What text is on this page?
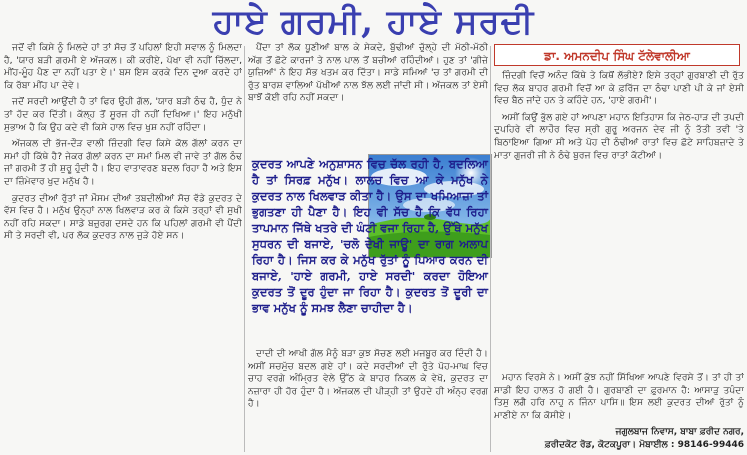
ਹਾਏ ਗਰਮੀ, ਹਾਏ ਸਰਦੀ
ਡਾ. ਅਮਨਦੀਪ ਸਿੰਘ ਟੱਲੇਵਾਲੀਆ

ਜਦੋਂ ਵੀ ਕਿਸੇ ਨੂੰ ਮਿਲਦੇ ਹਾਂ ਤਾਂ ਸੋਚ ਤੋਂ ਪਹਿਲਾਂ ਇਹੀ ਸਵਾਲ ਨੂੰ ਮਿਲਦਾ ਹੈ, 'ਯਾਰ ਬੜੀ ਗਰਮੀ ਏ ਅੱਜਕਲ। ਕੀ ਕਰੀਏ, ਪੱਖਾ ਵੀ ਨਹੀਂ ਚਿੱਲਦਾ, ਮੀਂਹ-ਮੂੰਹ ਪੈਣ ਦਾ ਨਹੀਂ ਪਤਾ ਏ।' ਬਸ ਇਸ ਕਰਕੇ ਦਿਨ ਦੁਆ ਕਰਦੇ ਹਾਂ ਕਿ ਰੱਬਾ ਮੀਂਹ ਪਾ ਦੇਵੇ।

ਜਦੋਂ ਸਰਦੀ ਆਉਂਦੀ ਹੈ ਤਾਂ ਫਿਰ ਉਹੀ ਗੱਲ, 'ਯਾਰ ਬੜੀ ਠੰਢ ਹੈ, ਧੁੰਦ ਨੇ ਤਾਂ ਹੱਦ ਕਰ ਦਿੱਤੀ। ਕੱਲ੍ਹ ਤੋਂ ਸੂਰਜ ਹੀ ਨਹੀਂ ਦਿਖਿਆ।' ਇਹ ਮਨੁੱਖੀ ਸੁਭਾਅ ਹੈ ਕਿ ਉਹ ਕਦੇ ਵੀ ਕਿਸੇ ਹਾਲ ਵਿਚ ਖੁਸ਼ ਨਹੀਂ ਰਹਿੰਦਾ।

ਅੱਜਕਲ ਦੀ ਭੱਜ-ਦੌੜ ਵਾਲੀ ਜ਼ਿੰਦਗੀ ਵਿਚ ਕਿਸੇ ਕੋਲ ਗੱਲਾਂ ਕਰਨ ਦਾ ਸਮਾਂ ਹੀ ਕਿੱਥੇ ਹੈ? ਜੇਕਰ ਗੱਲਾਂ ਕਰਨ ਦਾ ਸਮਾਂ ਮਿਲ ਵੀ ਜਾਵੇ ਤਾਂ ਗੱਲ ਠੰਢ ਜਾਂ ਗਰਮੀ ਤੋਂ ਹੀ ਸ਼ੁਰੂ ਹੁੰਦੀ ਹੈ। ਇਹ ਵਾਤਾਵਰਣ ਬਦਲ ਰਿਹਾ ਹੈ ਅਤੇ ਇਸ ਦਾ ਜ਼ਿੰਮੇਵਾਰ ਖੁਦ ਮਨੁੱਖ ਹੈ।

ਕੁਦਰਤ ਦੀਆਂ ਰੁੱਤਾਂ ਜਾਂ ਮੌਸਮ ਦੀਆਂ ਤਬਦੀਲੀਆਂ ਸੋਚ ਵੱਡੇ ਕੁਦਰਤ ਦੇ ਵੱਸ ਵਿਚ ਹੈ। ਮਨੁੱਖ ਉਨ੍ਹਾਂ ਨਾਲ ਖਿਲਵਾੜ ਕਰ ਕੇ ਕਿਸੇ ਤਰ੍ਹਾਂ ਵੀ ਸੁਖੀ ਨਹੀਂ ਰਹਿ ਸਕਦਾ। ਸਾਡੇ ਬਜ਼ੁਰਗ ਦਸਦੇ ਹਨ ਕਿ ਪਹਿਲਾਂ ਗਰਮੀ ਵੀ ਪੈਂਦੀ ਸੀ ਤੇ ਸਰਦੀ ਵੀ, ਪਰ ਲੋਕ ਕੁਦਰਤ ਨਾਲ ਜੁੜੇ ਹੋਏ ਸਨ।

ਪੈਂਦਾ ਤਾਂ ਲੋਕ ਧੂਣੀਆਂ ਬਾਲ ਕੇ ਸੇਕਦੇ, ਬੁੱਢੀਆਂ ਚੁੱਲ੍ਹੇ ਦੀ ਮੱਠੀ-ਮੱਠੀ ਅੱਗ ਤੋਂ ਛੋਟੇ ਕਾਰਜਾਂ ਤੇ ਨਾਲ ਪਾਲ ਤੋਂ ਬਚੀਆਂ ਰਹਿੰਦੀਆਂ। ਹੁਣ ਤਾਂ 'ਗੀਜ਼ੇ ਯੁਜ਼ਿਆਂ' ਨੇ ਇਹ ਸੱਭ ਖਤਮ ਕਰ ਦਿੱਤਾ। ਸਾਡੇ ਸਮਿਆਂ 'ਚ ਤਾਂ ਗਰਮੀ ਦੀ ਰੁੱਤ ਬਾਰਸ਼ ਵਾਲਿਆਂ ਪੱਖੀਆਂ ਨਾਲ ਝੱਲ ਲਈ ਜਾਂਦੀ ਸੀ। ਅੱਜਕਲ ਤਾਂ ਏਸੀ ਬਾਝੋਂ ਕੋਈ ਰਹਿ ਨਹੀਂ ਸਕਦਾ।

ਕੁਦਰਤ ਆਪਣੇ ਅਨੁਸ਼ਾਸਨ ਵਿਚ ਚੱਲ ਰਹੀ ਹੈ, ਬਦਲਿਆ ਹੈ ਤਾਂ ਸਿਰਫ਼ ਮਨੁੱਖ। ਲਾਲਚ ਵਿਚ ਆ ਕੇ ਮਨੁੱਖ ਨੇ ਕੁਦਰਤ ਨਾਲ ਖਿਲਵਾੜ ਕੀਤਾ ਹੈ। ਉਸ ਦਾ ਖਮਿਆਜ਼ਾ ਤਾਂ ਭੁਗਤਣਾ ਹੀ ਪੈਣਾ ਹੈ। ਇਹ ਵੀ ਸੱਚ ਹੈ ਕਿ ਵੱਧ ਰਿਹਾ ਤਾਪਮਾਨ ਜਿੱਥੇ ਖਤਰੇ ਦੀ ਘੰਟੀ ਵਜਾ ਰਿਹਾ ਹੈ, ਉੱਥੇ ਮਨੁੱਖ ਸੁਧਰਨ ਦੀ ਬਜਾਏ, 'ਚਲੋ ਦੇਖੀ ਜਾਊ' ਦਾ ਰਾਗ ਅਲਾਪ ਰਿਹਾ ਹੈ। ਜਿਸ ਕਰ ਕੇ ਮਨੁੱਖ ਰੁੱਤਾਂ ਨੂੰ ਪਿਆਰ ਕਰਨ ਦੀ ਬਜਾਏ, 'ਹਾਏ ਗਰਮੀ, ਹਾਏ ਸਰਦੀ' ਕਰਦਾ ਹੋਇਆ ਕੁਦਰਤ ਤੋਂ ਦੂਰ ਹੁੰਦਾ ਜਾ ਰਿਹਾ ਹੈ। ਕੁਦਰਤ ਤੋਂ ਦੂਰੀ ਦਾ ਭਾਵ ਮਨੁੱਖ ਨੂੰ ਸਮਝ ਲੈਣਾ ਚਾਹੀਦਾ ਹੈ।

ਦਾਦੀ ਦੀ ਆਖੀ ਗੱਲ ਮੈਨੂੰ ਬੜਾ ਕੁਝ ਸੋਚਣ ਲਈ ਮਜਬੂਰ ਕਰ ਦਿੰਦੀ ਹੈ। ਅਸੀਂ ਸਚਮੁੱਚ ਬਦਲ ਗਏ ਹਾਂ। ਕਦੇ ਸਰਦੀਆਂ ਦੀ ਰੁੱਤੇ ਪੋਹ-ਮਾਘ ਵਿਚ ਚਾਹ ਵਰਗੇ ਅੰਮ੍ਰਿਤ ਵੇਲੇ ਉੱਠ ਕੇ ਬਾਹਰ ਨਿਕਲ ਕੇ ਵੇਖੋ, ਕੁਦਰਤ ਦਾ ਨਜ਼ਾਰਾ ਹੀ ਹੋਰ ਹੁੰਦਾ ਹੈ। ਅੱਜਕਲ ਦੀ ਪੀੜ੍ਹੀ ਤਾਂ ਉਹਦੇ ਹੀ ਅੰਨ੍ਹ ਵਰਗ ਹੈ।

ਜ਼ਿੰਦਗੀ ਵਿਚੋਂ ਅਨੰਦ ਕਿੱਥੇ ਤੇ ਕਿਥੋਂ ਲੱਭੀਏ? ਇਸੇ ਤਰ੍ਹਾਂ ਗੁਰਬਾਣੀ ਦੀ ਰੁੱਤ ਵਿਚ ਲੋਕ ਬਾਹਰ ਗਰਮੀ ਵਿਚੋਂ ਆ ਕੇ ਫ਼ਰਿੱਜ ਦਾ ਠੰਢਾ ਪਾਣੀ ਪੀ ਕੇ ਜਾਂ ਏਸੀ ਵਿਚ ਬੈਠ ਜਾਂਦੇ ਹਨ ਤੇ ਕਹਿੰਦੇ ਹਨ, 'ਹਾਏ ਗਰਮੀ'।

ਅਸੀਂ ਕਿਉਂ ਭੁੱਲ ਗਏ ਹਾਂ ਆਪਣਾ ਮਹਾਨ ਇਤਿਹਾਸ ਕਿ ਜੇਠ-ਹਾੜ ਦੀ ਤਪਦੀ ਦੁਪਹਿਰੇ ਵੀ ਲਾਹੌਰ ਵਿਚ ਸ੍ਰੀ ਗੁਰੂ ਅਰਜਨ ਦੇਵ ਜੀ ਨੂੰ ਤੱਤੀ ਤਵੀ 'ਤੇ ਬਿਠਾਇਆ ਗਿਆ ਸੀ ਅਤੇ ਪੋਹ ਦੀ ਠੰਢੀਆਂ ਰਾਤਾਂ ਵਿਚ ਛੋਟੇ ਸਾਹਿਬਜ਼ਾਦੇ ਤੇ ਮਾਤਾ ਗੁਜਰੀ ਜੀ ਨੇ ਠੰਢੇ ਬੁਰਜ ਵਿਚ ਰਾਤਾਂ ਕੱਟੀਆਂ।

ਮਹਾਨ ਵਿਰਸੇ ਨੇ। ਅਸੀਂ ਕੁੱਝ ਨਹੀਂ ਸਿੱਖਿਆ ਆਪਣੇ ਵਿਰਸੇ ਤੋਂ। ਤਾਂ ਹੀ ਤਾਂ ਸਾਡੀ ਇਹ ਹਾਲਤ ਹੋ ਗਈ ਹੈ। ਗੁਰਬਾਣੀ ਦਾ ਫ਼ੁਰਮਾਨ ਹੈ: ਆਸਾੜੁ ਤਪੰਦਾ ਤਿਸੁ ਲਗੈ ਹਰਿ ਨਾਹੁ ਨ ਜਿੰਨਾ ਪਾਸਿ॥ ਇਸ ਲਈ ਕੁਦਰਤ ਦੀਆਂ ਰੁੱਤਾਂ ਨੂੰ ਮਾਣੀਏ ਨਾ ਕਿ ਕੋਸੀਏ।

ਜਗੁਲਬਾਜ ਨਿਵਾਸ, ਬਾਬਾ ਫ਼ਰੀਦ ਨਗਰ,
ਫ਼ਰੀਦਕੋਟ ਰੋਡ, ਕੋਟਕਪੂਰਾ। ਮੋਬਾਈਲ : 98146-99446
